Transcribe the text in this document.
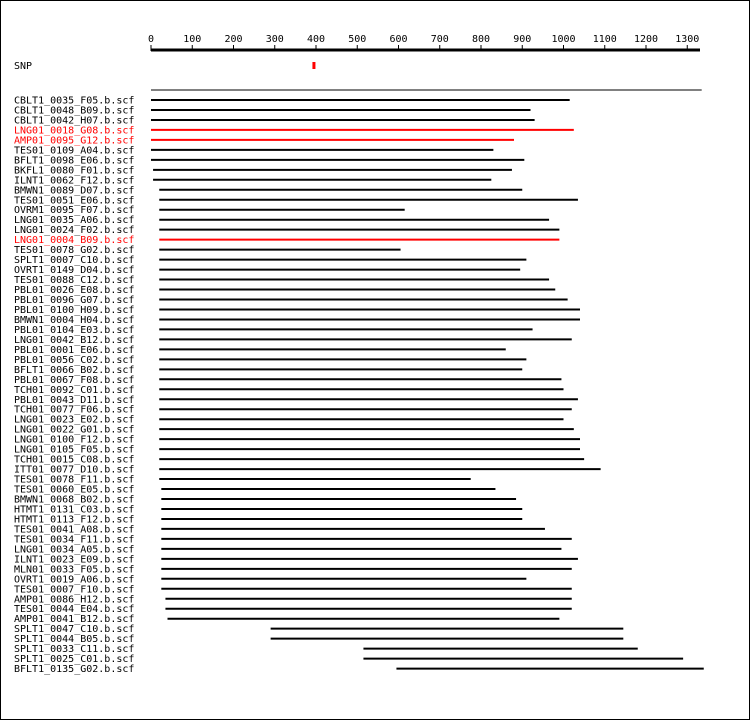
0	100 200 300 400 500 600 700 800 900 1000 1100 1200 1300
SNP
CBLT1_0035_F05.b.scf
CBLT1_0048_B09.b.scf
CBLT1_0042_H07.b.scf
LNG01_0018_G08.b.scf
AMP01_0095_G12.b.scf
TES01_0109_A04.b.scf
BFLT1_0098_E06.b.scf
BKFL1_0080_F01.b.scf
ILNT1_0062_F12.b.scf
BMWN1_0089_D07.b.scf
TES01_0051_E06.b.scf
OVRM1_0095_F07.b.scf
LNG01_0035_A06.b.scf
LNG01_0024_F02.b.scf
LNG01_0004_B09.b.scf
TES01_0078_G02.b.scf
SPLT1_0007_C10.b.scf
OVRT1_0149_D04.b.scf
TES01_0088_C12.b.scf
PBL01_0026_E08.b.scf
PBL01_0096_G07.b.scf
PBL01_0100_H09.b.scf
BMWN1_0004_H04.b.scf
PBL01_0104_E03.b.scf
LNG01_0042_B12.b.scf
PBL01_0001_E06.b.scf
PBL01_0056_C02.b.scf
BFLT1_0066_B02.b.scf
PBL01_0067_F08.b.scf
TCH01_0092_C01.b.scf
PBL01_0043_D11.b.scf
TCH01_0077_F06.b.scf
LNG01_0023_E02.b.scf
LNG01_0022_G01.b.scf
LNG01_0100_F12.b.scf
LNG01_0105_F05.b.scf
TCH01_0015_C08.b.scf
ITT01_0077_D10.b.scf
TES01_0078_F11.b.scf
TES01_0060_E05.b.scf
BMWN1_0068_B02.b.scf
HTMT1_0131_C03.b.scf
HTMT1_0113_F12.b.scf
TES01_0041_A08.b.scf
TES01_0034_F11.b.scf
LNG01_0034_A05.b.scf
ILNT1_0023_E09.b.scf
MLN01_0033_F05.b.scf
OVRT1_0019_A06.b.scf
TES01_0007_F10.b.scf
AMP01_0086_H12.b.scf
TES01_0044_E04.b.scf
AMP01_0041_B12.b.scf
SPLT1_0047_C10.b.scf
SPLT1_0044_B05.b.scf
SPLT1_0033_C11.b.scf
SPLT1_0025_C01.b.scf
BFLT1_0135_G02.b.scf
